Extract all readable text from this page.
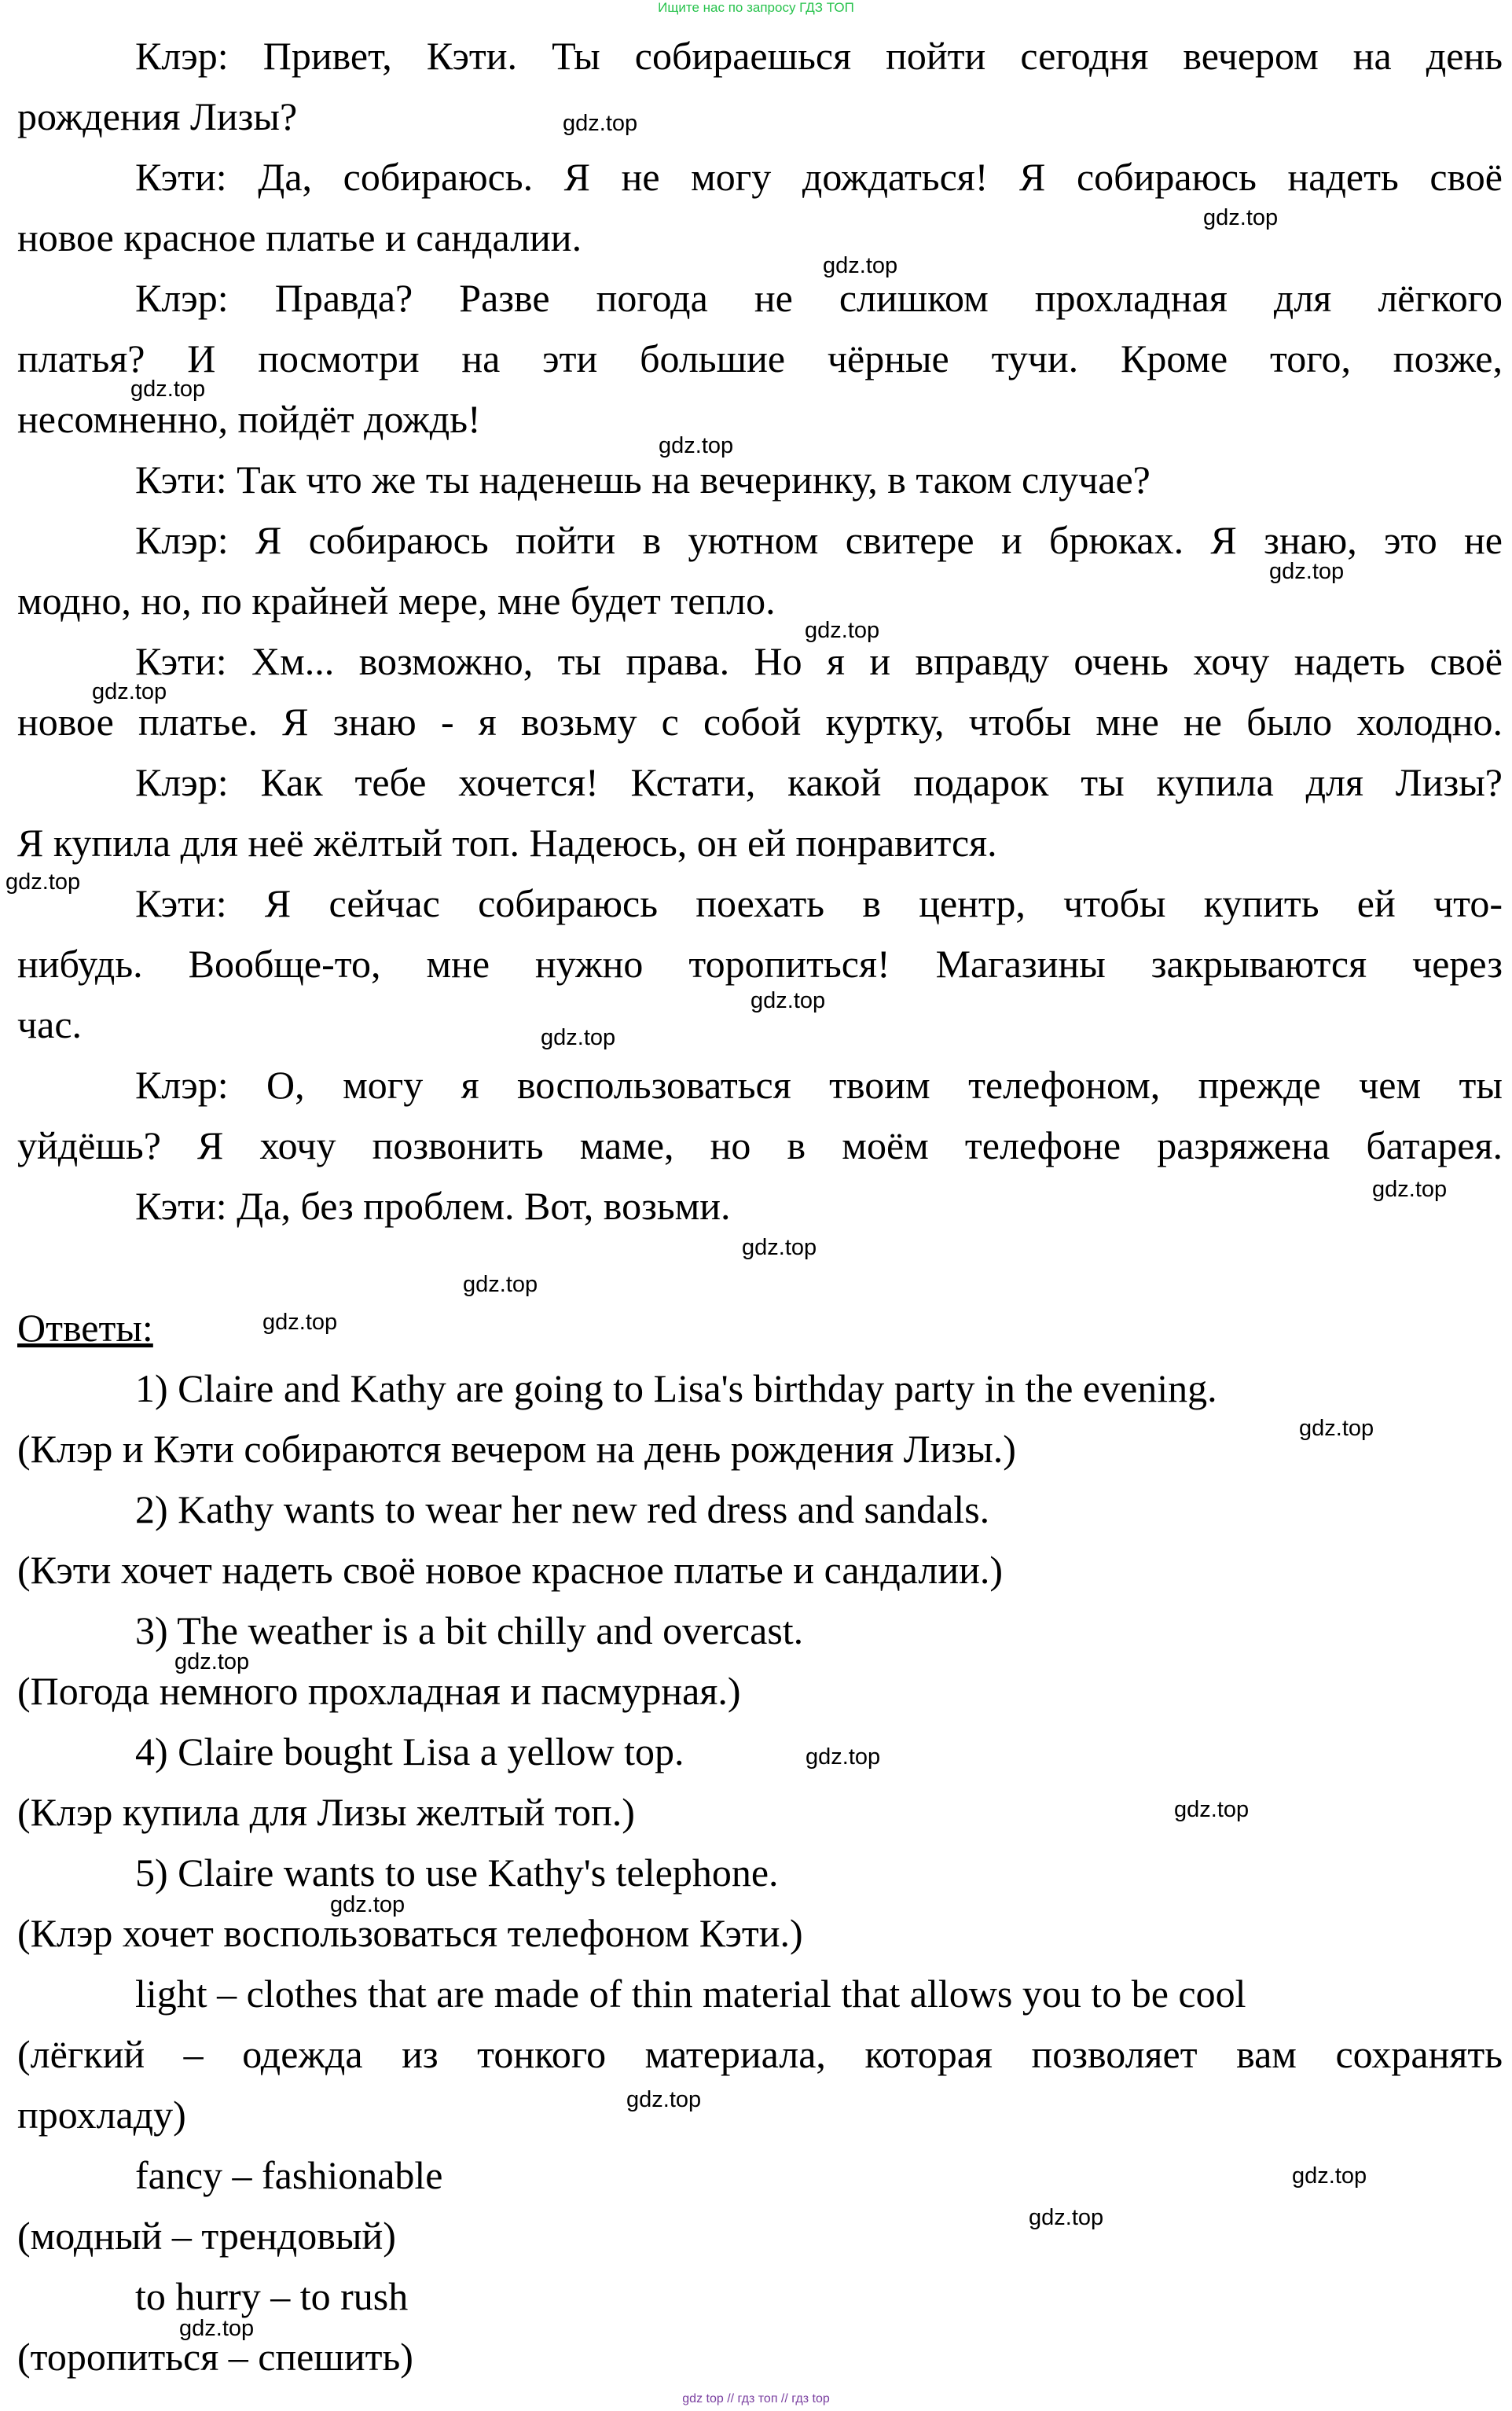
Ищите нас по запросу ГДЗ ТОП
Клэр: Привет, Кэти. Ты собираешься пойти сегодня вечером на день
рождения Лизы?
Кэти: Да, собираюсь. Я не могу дождаться! Я собираюсь надеть своё
новое красное платье и сандалии.
Клэр: Правда? Разве погода не слишком прохладная для лёгкого
платья? И посмотри на эти большие чёрные тучи. Кроме того, позже,
несомненно, пойдёт дождь!
Кэти: Так что же ты наденешь на вечеринку, в таком случае?
Клэр: Я собираюсь пойти в уютном свитере и брюках. Я знаю, это не
модно, но, по крайней мере, мне будет тепло.
Кэти: Хм... возможно, ты права. Но я и вправду очень хочу надеть своё
новое платье. Я знаю - я возьму с собой куртку, чтобы мне не было холодно.
Клэр: Как тебе хочется! Кстати, какой подарок ты купила для Лизы?
Я купила для неё жёлтый топ. Надеюсь, он ей понравится.
Кэти: Я сейчас собираюсь поехать в центр, чтобы купить ей что-
нибудь. Вообще-то, мне нужно торопиться! Магазины закрываются через
час.
Клэр: О, могу я воспользоваться твоим телефоном, прежде чем ты
уйдёшь? Я хочу позвонить маме, но в моём телефоне разряжена батарея.
Кэти: Да, без проблем. Вот, возьми.
Ответы:
1) Claire and Kathy are going to Lisa's birthday party in the evening.
(Клэр и Кэти собираются вечером на день рождения Лизы.)
2) Kathy wants to wear her new red dress and sandals.
(Кэти хочет надеть своё новое красное платье и сандалии.)
3) The weather is a bit chilly and overcast.
(Погода немного прохладная и пасмурная.)
4) Claire bought Lisa a yellow top.
(Клэр купила для Лизы желтый топ.)
5) Claire wants to use Kathy's telephone.
(Клэр хочет воспользоваться телефоном Кэти.)
light – clothes that are made of thin material that allows you to be cool
(лёгкий – одежда из тонкого материала, которая позволяет вам сохранять
прохладу)
fancy – fashionable
(модный – трендовый)
to hurry – to rush
(торопиться – спешить)
gdz.top
gdz.top
gdz.top
gdz.top
gdz.top
gdz.top
gdz.top
gdz.top
gdz.top
gdz.top
gdz.top
gdz.top
gdz.top
gdz.top
gdz.top
gdz.top
gdz.top
gdz.top
gdz.top
gdz.top
gdz.top
gdz.top
gdz.top
gdz.top
gdz top // гдз топ // гдз top
